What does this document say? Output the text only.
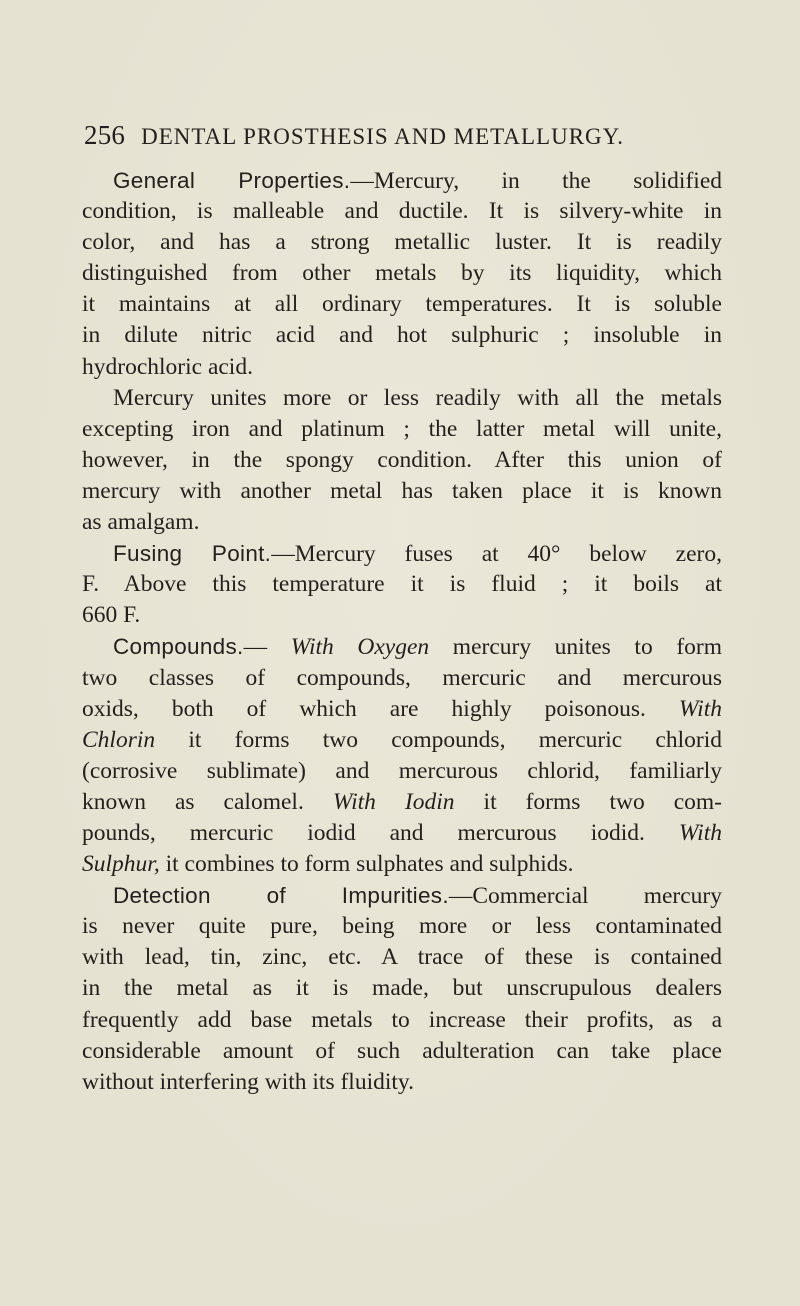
256 DENTAL PROSTHESIS AND METALLURGY.
General Properties.—Mercury, in the solidified
condition, is malleable and ductile. It is silvery-white in
color, and has a strong metallic luster. It is readily
distinguished from other metals by its liquidity, which
it maintains at all ordinary temperatures. It is soluble
in dilute nitric acid and hot sulphuric ; insoluble in
hydrochloric acid.
Mercury unites more or less readily with all the metals
excepting iron and platinum ; the latter metal will unite,
however, in the spongy condition. After this union of
mercury with another metal has taken place it is known
as amalgam.
Fusing Point.—Mercury fuses at 40° below zero,
F. Above this temperature it is fluid ; it boils at
660 F.
Compounds.— With Oxygen mercury unites to form
two classes of compounds, mercuric and mercurous
oxids, both of which are highly poisonous. With
Chlorin it forms two compounds, mercuric chlorid
(corrosive sublimate) and mercurous chlorid, familiarly
known as calomel. With Iodin it forms two com-
pounds, mercuric iodid and mercurous iodid. With
Sulphur, it combines to form sulphates and sulphids.
Detection of Impurities.—Commercial mercury
is never quite pure, being more or less contaminated
with lead, tin, zinc, etc. A trace of these is contained
in the metal as it is made, but unscrupulous dealers
frequently add base metals to increase their profits, as a
considerable amount of such adulteration can take place
without interfering with its fluidity.
